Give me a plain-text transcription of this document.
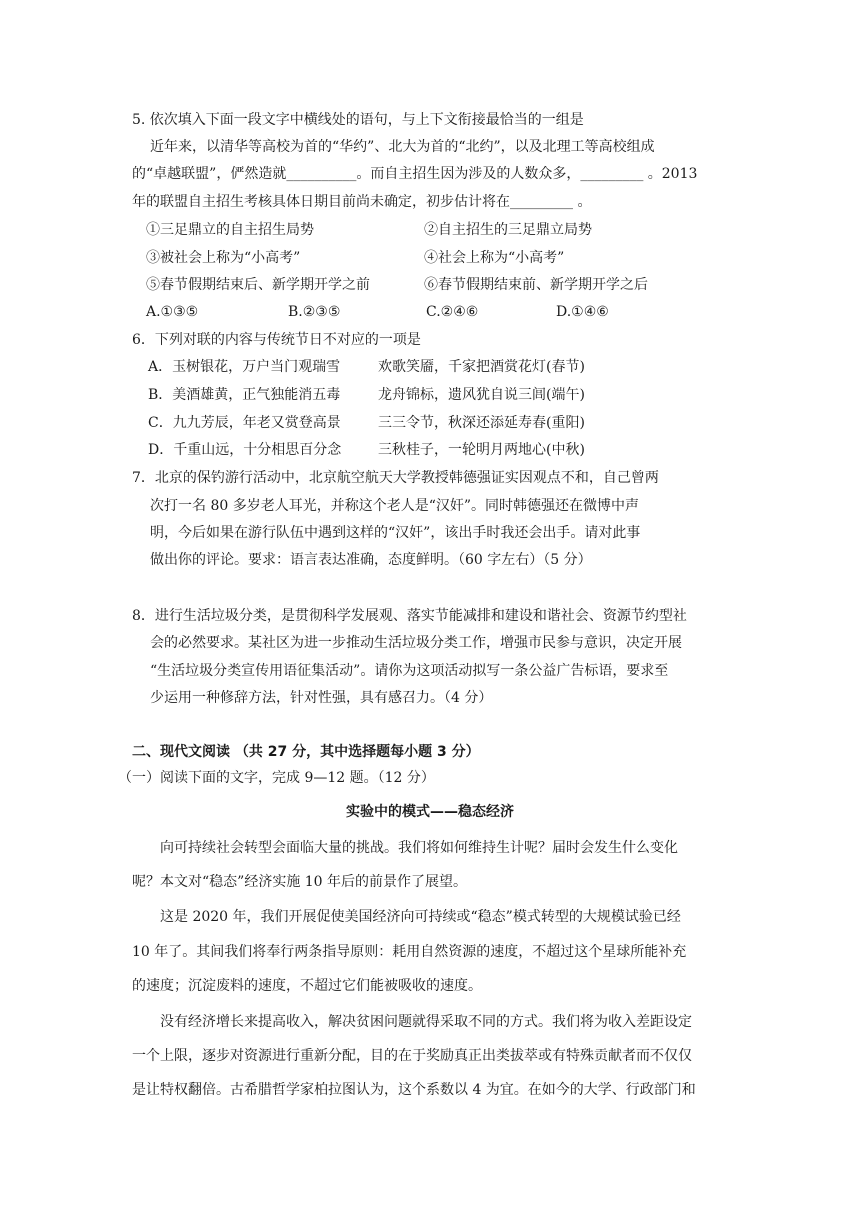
5. 依次填入下面一段文字中横线处的语句，与上下文衔接最恰当的一组是
近年来，以清华等高校为首的“华约”、北大为首的“北约”，以及北理工等高校组成
的“卓越联盟”，俨然造就__________。而自主招生因为涉及的人数众多，_________ 。2013
年的联盟自主招生考核具体日期目前尚未确定，初步估计将在_________ 。
①三足鼎立的自主招生局势	②自主招生的三足鼎立局势
③被社会上称为“小高考”	④社会上称为“小高考”
⑤春节假期结束后、新学期开学之前	⑥春节假期结束前、新学期开学之后
A.①③⑤	B.②③⑤	C.②④⑥	D.①④⑥
6．下列对联的内容与传统节日不对应的一项是
A．玉树银花，万户当门观瑞雪	欢歌笑靥，千家把酒赏花灯(春节)
B．美酒雄黄，正气独能消五毒	龙舟锦标，遗风犹自说三闾(端午)
C．九九芳辰，年老又赏登高景	三三令节，秋深还添延寿春(重阳)
D．千重山远，十分相思百分念	三秋桂子，一轮明月两地心(中秋)
7．北京的保钓游行活动中，北京航空航天大学教授韩德强证实因观点不和，自己曾两
次打一名 80 多岁老人耳光，并称这个老人是“汉奸”。同时韩德强还在微博中声
明，今后如果在游行队伍中遇到这样的“汉奸”，该出手时我还会出手。请对此事
做出你的评论。要求：语言表达准确，态度鲜明。（60 字左右）（5 分）
8．进行生活垃圾分类，是贯彻科学发展观、落实节能减排和建设和谐社会、资源节约型社
会的必然要求。某社区为进一步推动生活垃圾分类工作，增强市民参与意识，决定开展
“生活垃圾分类宣传用语征集活动”。请你为这项活动拟写一条公益广告标语，要求至
少运用一种修辞方法，针对性强，具有感召力。（4 分）
二、现代文阅读 （共 27 分，其中选择题每小题 3 分）
（一）阅读下面的文字，完成 9—12 题。（12 分）
实验中的模式——稳态经济
向可持续社会转型会面临大量的挑战。我们将如何维持生计呢？届时会发生什么变化
呢？本文对“稳态”经济实施 10 年后的前景作了展望。
这是 2020 年，我们开展促使美国经济向可持续或“稳态”模式转型的大规模试验已经
10 年了。其间我们将奉行两条指导原则：耗用自然资源的速度，不超过这个星球所能补充
的速度；沉淀废料的速度，不超过它们能被吸收的速度。
没有经济增长来提高收入，解决贫困问题就得采取不同的方式。我们将为收入差距设定
一个上限，逐步对资源进行重新分配，目的在于奖励真正出类拔萃或有特殊贡献者而不仅仅
是让特权翻倍。古希腊哲学家柏拉图认为，这个系数以 4 为宜。在如今的大学、行政部门和
